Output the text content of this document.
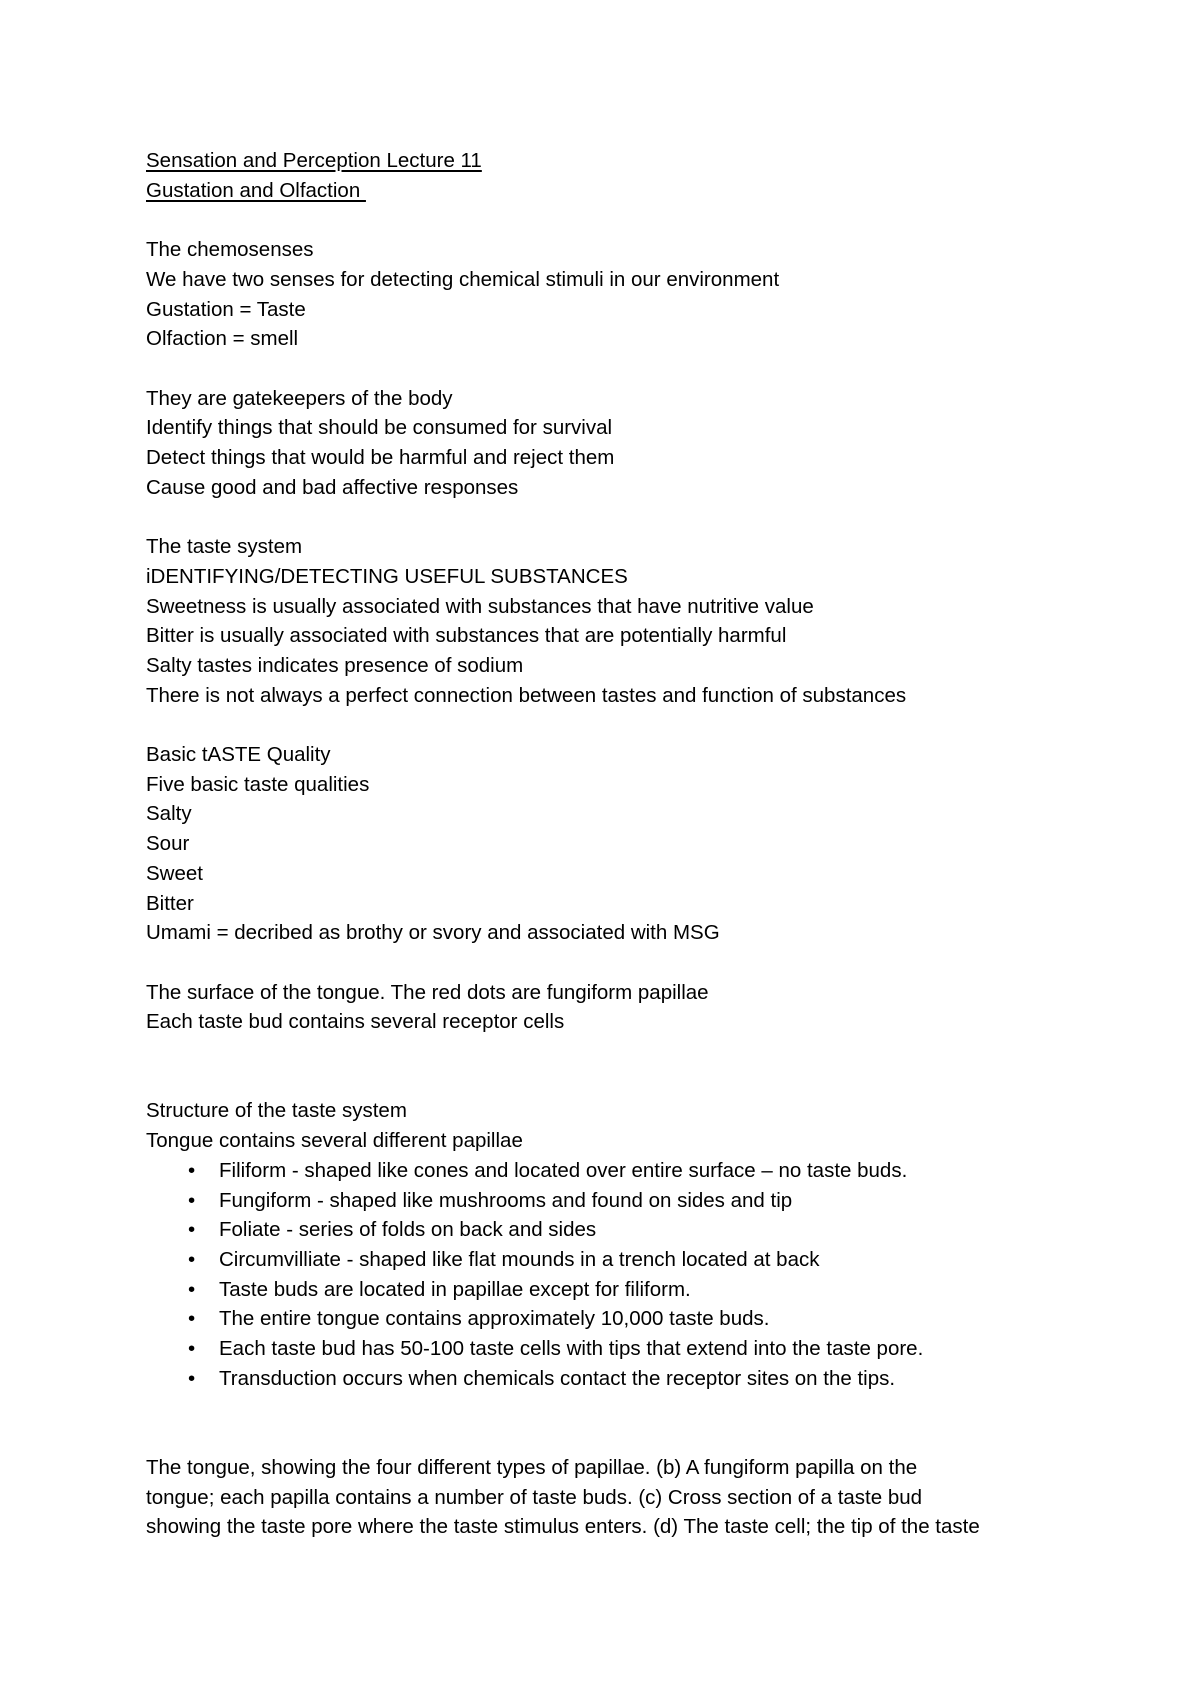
Sensation and Perception Lecture 11
Gustation and Olfaction
The chemosenses
We have two senses for detecting chemical stimuli in our environment
Gustation = Taste
Olfaction = smell
They are gatekeepers of the body
Identify things that should be consumed for survival
Detect things that would be harmful and reject them
Cause good and bad affective responses
The taste system
iDENTIFYING/DETECTING USEFUL SUBSTANCES
Sweetness is usually associated with substances that have nutritive value
Bitter is usually associated with substances that are potentially harmful
Salty tastes indicates presence of sodium
There is not always a perfect connection between tastes and function of substances
Basic tASTE Quality
Five basic taste qualities
Salty
Sour
Sweet
Bitter
Umami = decribed as brothy or svory and associated with MSG
The surface of the tongue. The red dots are fungiform papillae
Each taste bud contains several receptor cells
Structure of the taste system
Tongue contains several different papillae
• Filiform - shaped like cones and located over entire surface – no taste buds.
• Fungiform - shaped like mushrooms and found on sides and tip
• Foliate - series of folds on back and sides
• Circumvilliate - shaped like flat mounds in a trench located at back
• Taste buds are located in papillae except for filiform.
• The entire tongue contains approximately 10,000 taste buds.
• Each taste bud has 50-100 taste cells with tips that extend into the taste pore.
• Transduction occurs when chemicals contact the receptor sites on the tips.
The tongue, showing the four different types of papillae. (b) A fungiform papilla on the
tongue; each papilla contains a number of taste buds. (c) Cross section of a taste bud
showing the taste pore where the taste stimulus enters. (d) The taste cell; the tip of the taste
